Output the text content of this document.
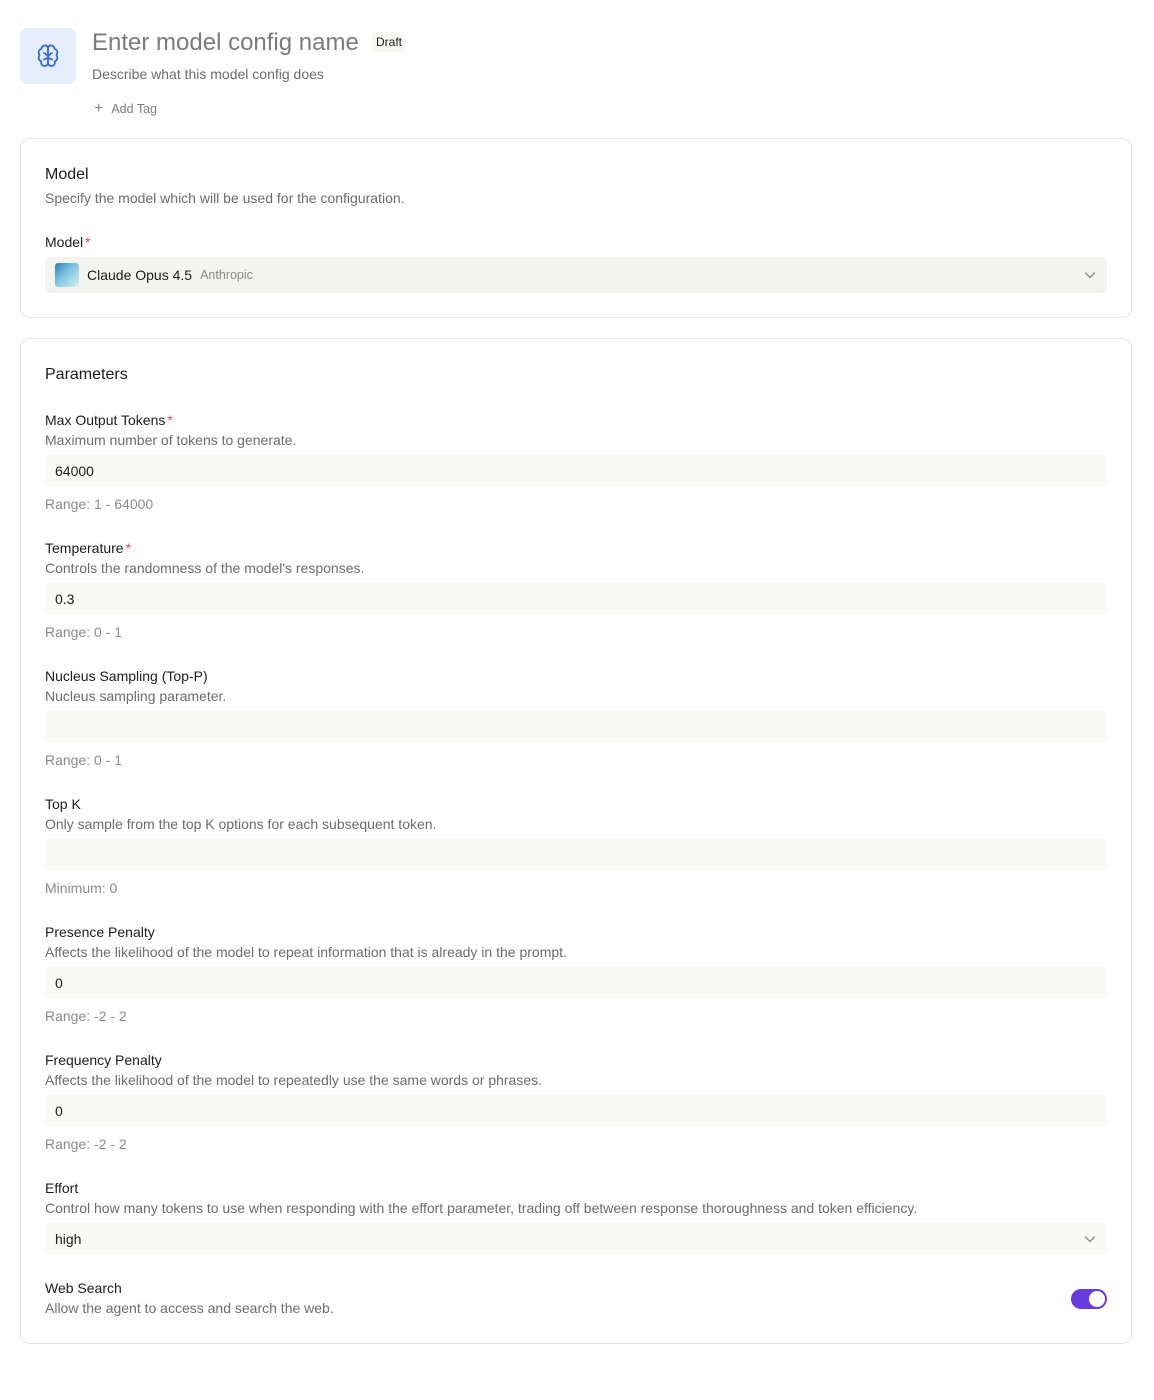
Enter model config name	Draft
Describe what this model config does
+ Add Tag
Model
Specify the model which will be used for the configuration.
Model *
Claude Opus 4.5 Anthropic
Parameters
Max Output Tokens *
Maximum number of tokens to generate.
64000
Range: 1 - 64000
Temperature *
Controls the randomness of the model's responses.
0.3
Range: 0 - 1
Nucleus Sampling (Top-P)
Nucleus sampling parameter.
Range: 0 - 1
Top K
Only sample from the top K options for each subsequent token.
Minimum: 0
Presence Penalty
Affects the likelihood of the model to repeat information that is already in the prompt.
0
Range: -2 - 2
Frequency Penalty
Affects the likelihood of the model to repeatedly use the same words or phrases.
0
Range: -2 - 2
Effort
Control how many tokens to use when responding with the effort parameter, trading off between response thoroughness and token efficiency.
high
Web Search
Allow the agent to access and search the web.
